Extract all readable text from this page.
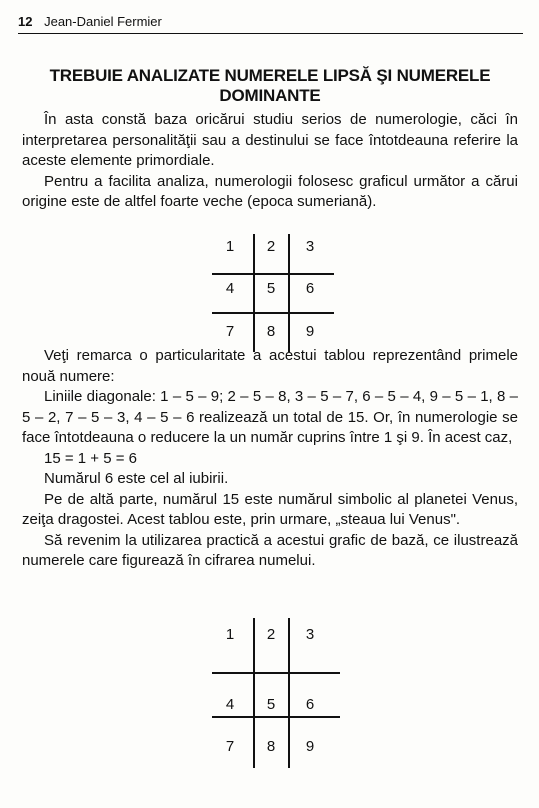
12 Jean-Daniel Fermier
TREBUIE ANALIZATE NUMERELE LIPSĂ ŞI NUMERELE DOMINANTE

În asta constă baza oricărui studiu serios de numerologie, căci în interpretarea personalităţii sau a destinului se face întotdeauna referire la aceste elemente primordiale.

Pentru a facilita analiza, numerologii folosesc graficul următor a cărui origine este de altfel foarte veche (epoca sumeriană).

1	2	3
4	5	6
7	8	9

Veţi remarca o particularitate a acestui tablou reprezentând primele nouă numere:

Liniile diagonale: 1 – 5 – 9; 2 – 5 – 8, 3 – 5 – 7, 6 – 5 – 4, 9 – 5 – 1, 8 – 5 – 2, 7 – 5 – 3, 4 – 5 – 6 realizează un total de 15. Or, în numerologie se face întotdeauna o reducere la un număr cuprins între 1 şi 9. În acest caz,

15 = 1 + 5 = 6

Numărul 6 este cel al iubirii.

Pe de altă parte, numărul 15 este numărul simbolic al planetei Venus, zeiţa dragostei. Acest tablou este, prin urmare, „steaua lui Venus".

Să revenim la utilizarea practică a acestui grafic de bază, ce ilustrează numerele care figurează în cifrarea numelui.

1	2	3
4	5	6
7	8	9
